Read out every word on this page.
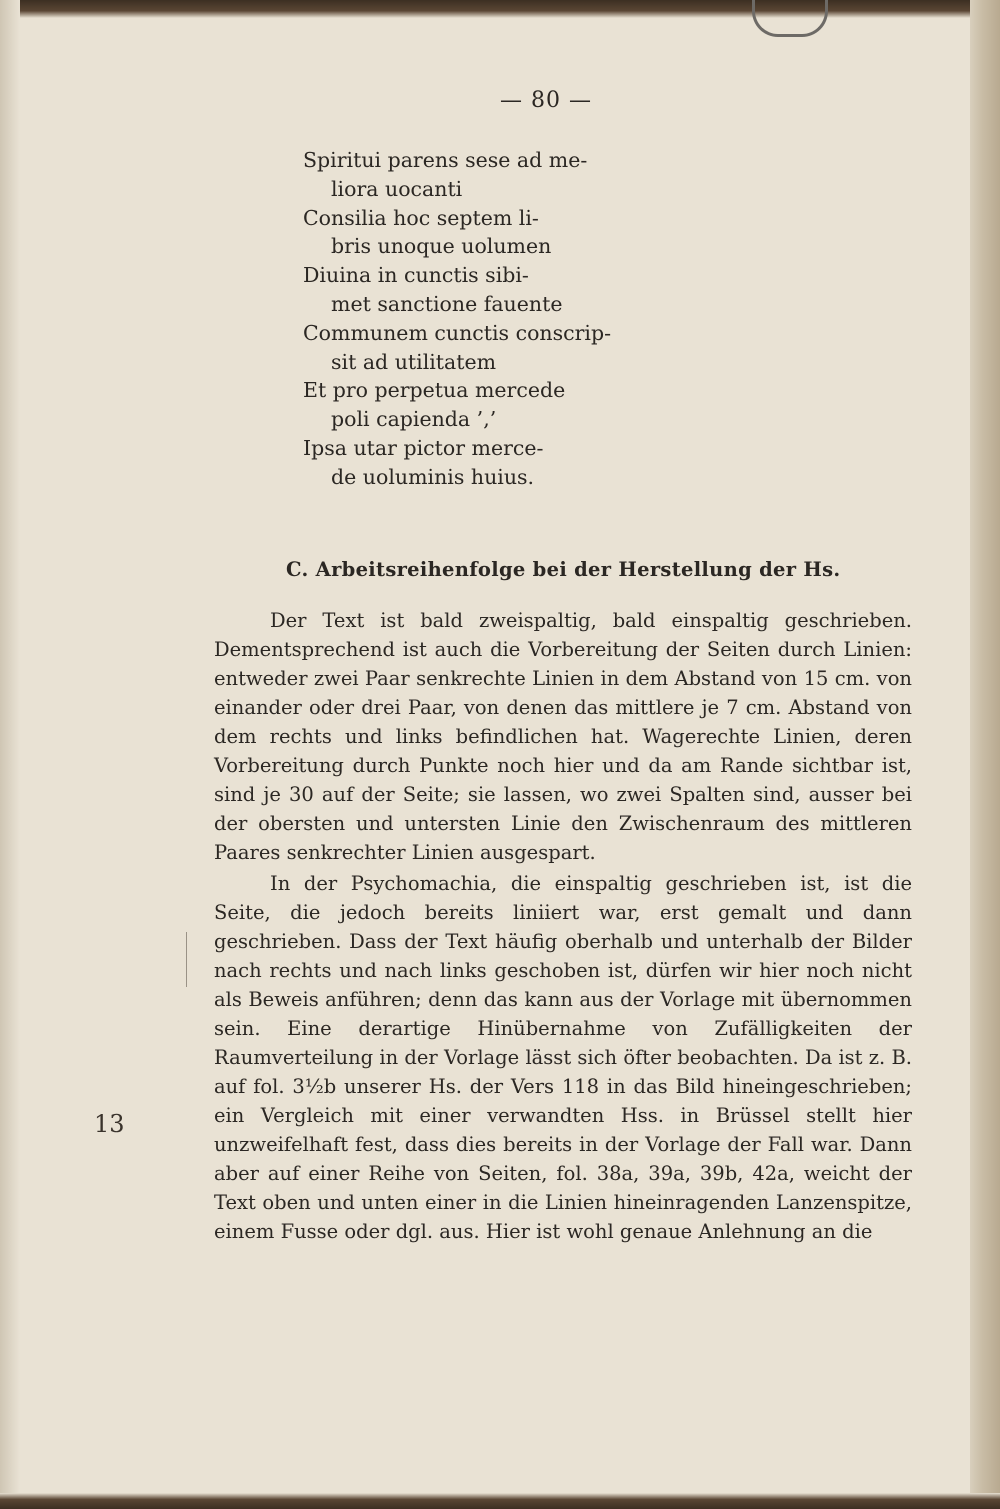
— 80 —
Spiritui parens sese ad me-
liora uocanti
Consilia hoc septem li-
bris unoque uolumen
Diuina in cunctis sibi-
met sanctione fauente
Communem cunctis conscrip-
sit ad utilitatem
Et pro perpetua mercede
poli capienda ’,’
Ipsa utar pictor merce-
de uoluminis huius.
C. Arbeitsreihenfolge bei der Herstellung der Hs.

Der Text ist bald zweispaltig, bald einspaltig geschrieben. Dementsprechend ist auch die Vorbereitung der Seiten durch Linien: entweder zwei Paar senkrechte Linien in dem Abstand von 15 cm. von einander oder drei Paar, von denen das mittlere je 7 cm. Abstand von dem rechts und links befindlichen hat. Wagerechte Linien, deren Vorbereitung durch Punkte noch hier und da am Rande sichtbar ist, sind je 30 auf der Seite; sie lassen, wo zwei Spalten sind, ausser bei der obersten und untersten Linie den Zwischenraum des mittleren Paares senkrechter Linien ausgespart.

In der Psychomachia, die einspaltig geschrieben ist, ist die Seite, die jedoch bereits liniiert war, erst gemalt und dann geschrieben. Dass der Text häufig oberhalb und unterhalb der Bilder nach rechts und nach links geschoben ist, dürfen wir hier noch nicht als Beweis anführen; denn das kann aus der Vorlage mit übernommen sein. Eine derartige Hinübernahme von Zufälligkeiten der Raumverteilung in der Vorlage lässt sich öfter beobachten. Da ist z. B. auf fol. 3½b unserer Hs. der Vers 118 in das Bild hineingeschrieben; ein Vergleich mit einer verwandten Hss. in Brüssel stellt hier unzweifelhaft fest, dass dies bereits in der Vorlage der Fall war. Dann aber auf einer Reihe von Seiten, fol. 38a, 39a, 39b, 42a, weicht der Text oben und unten einer in die Linien hineinragenden Lanzenspitze, einem Fusse oder dgl. aus. Hier ist wohl genaue Anlehnung an die

13
